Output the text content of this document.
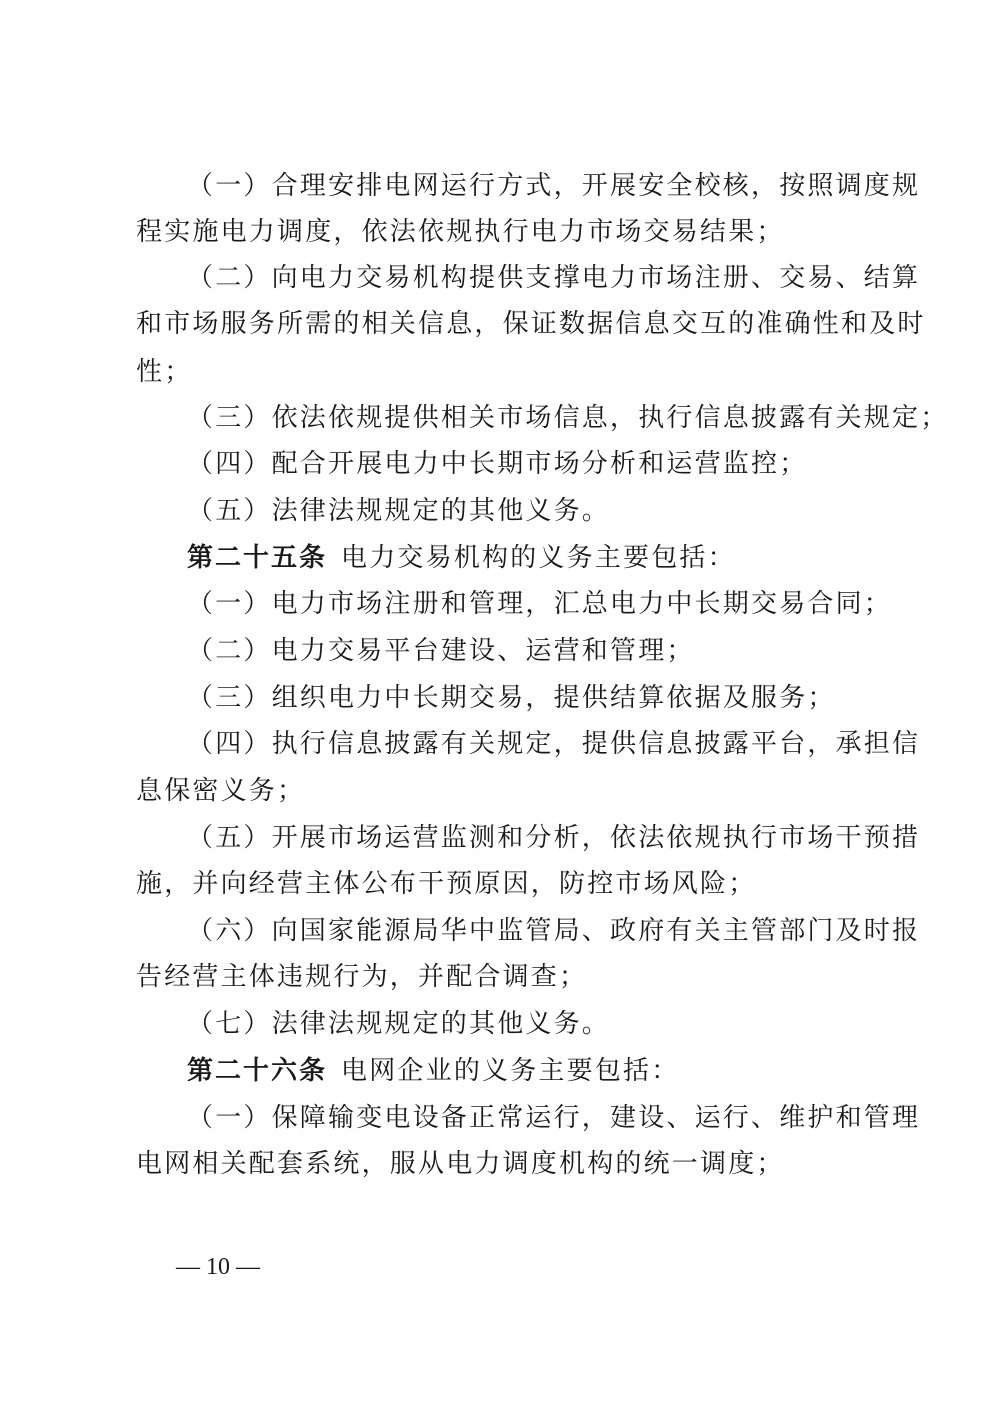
（一）合理安排电网运行方式，开展安全校核，按照调度规
程实施电力调度，依法依规执行电力市场交易结果；
（二）向电力交易机构提供支撑电力市场注册、交易、结算
和市场服务所需的相关信息，保证数据信息交互的准确性和及时
性；
（三）依法依规提供相关市场信息，执行信息披露有关规定；
（四）配合开展电力中长期市场分析和运营监控；
（五）法律法规规定的其他义务。
第二十五条 电力交易机构的义务主要包括：
（一）电力市场注册和管理，汇总电力中长期交易合同；
（二）电力交易平台建设、运营和管理；
（三）组织电力中长期交易，提供结算依据及服务；
（四）执行信息披露有关规定，提供信息披露平台，承担信
息保密义务；
（五）开展市场运营监测和分析，依法依规执行市场干预措
施，并向经营主体公布干预原因，防控市场风险；
（六）向国家能源局华中监管局、政府有关主管部门及时报
告经营主体违规行为，并配合调查；
（七）法律法规规定的其他义务。
第二十六条 电网企业的义务主要包括：
（一）保障输变电设备正常运行，建设、运行、维护和管理
电网相关配套系统，服从电力调度机构的统一调度；
— 10 —
